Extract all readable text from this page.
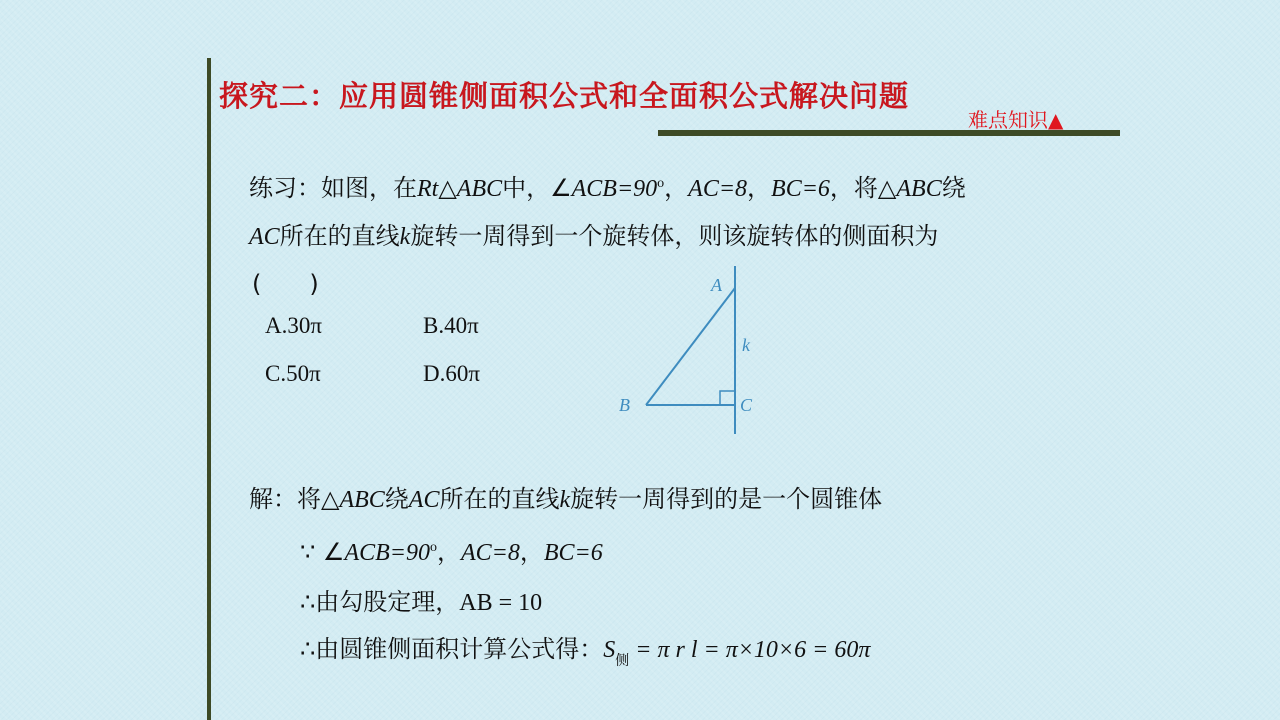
探究二：应用圆锥侧面积公式和全面积公式解决问题
难点知识▲
练习：如图，在Rt△ABC中，$\angle ACB=90^o$，AC=8，BC=6，将△ABC绕
AC所在的直线k旋转一周得到一个旋转体，则该旋转体的侧面积为
(　　)
A.30π	B.40π
C.50π	D.60π
A
B	C
k
解：将△ABC绕AC所在的直线k旋转一周得到的是一个圆锥体
∵ $\angle ACB=90^o$，AC=8，BC=6
∴由勾股定理，AB = 10
∴由圆锥侧面积计算公式得：$S_侧 = \pi$ r l = π×10×6 = 60π
